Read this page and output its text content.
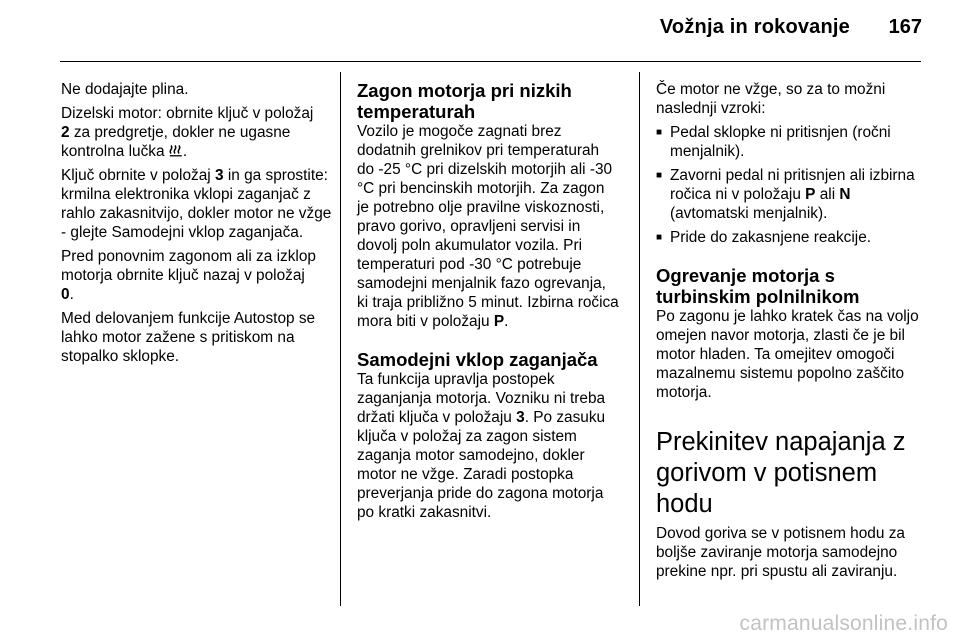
Vožnja in rokovanje	167

Ne dodajajte plina.

Dizelski motor: obrnite ključ v položaj
2 za predgretje, dokler ne ugasne kontrolna lučka .

Ključ obrnite v položaj 3 in ga sprostite: krmilna elektronika vklopi zaganjač z rahlo zakasnitvijo, dokler motor ne vžge - glejte Samodejni vklop zaganjača.

Pred ponovnim zagonom ali za izklop motorja obrnite ključ nazaj v položaj
0.

Med delovanjem funkcije Autostop se lahko motor zažene s pritiskom na stopalko sklopke.

Zagon motorja pri nizkih temperaturah

Vozilo je mogoče zagnati brez dodatnih grelnikov pri temperaturah do -25 °C pri dizelskih motorjih ali -30 °C pri bencinskih motorjih. Za zagon je potrebno olje pravilne viskoznosti, pravo gorivo, opravljeni servisi in dovolj poln akumulator vozila. Pri temperaturi pod -30 °C potrebuje samodejni menjalnik fazo ogrevanja, ki traja približno 5 minut. Izbirna ročica mora biti v položaju P.

Samodejni vklop zaganjača

Ta funkcija upravlja postopek zaganjanja motorja. Vozniku ni treba držati ključa v položaju 3. Po zasuku ključa v položaj za zagon sistem zaganja motor samodejno, dokler motor ne vžge. Zaradi postopka preverjanja pride do zagona motorja po kratki zakasnitvi.

Če motor ne vžge, so za to možni naslednji vzroki:

■ Pedal sklopke ni pritisnjen (ročni menjalnik).
■ Zavorni pedal ni pritisnjen ali izbirna ročica ni v položaju P ali N (avtomatski menjalnik).
■ Pride do zakasnjene reakcije.
Ogrevanje motorja s turbinskim polnilnikom

Po zagonu je lahko kratek čas na voljo omejen navor motorja, zlasti če je bil motor hladen. Ta omejitev omogoči mazalnemu sistemu popolno zaščito motorja.

Prekinitev napajanja z gorivom v potisnem hodu

Dovod goriva se v potisnem hodu za boljše zaviranje motorja samodejno prekine npr. pri spustu ali zaviranju.

carmanualsonline.info
